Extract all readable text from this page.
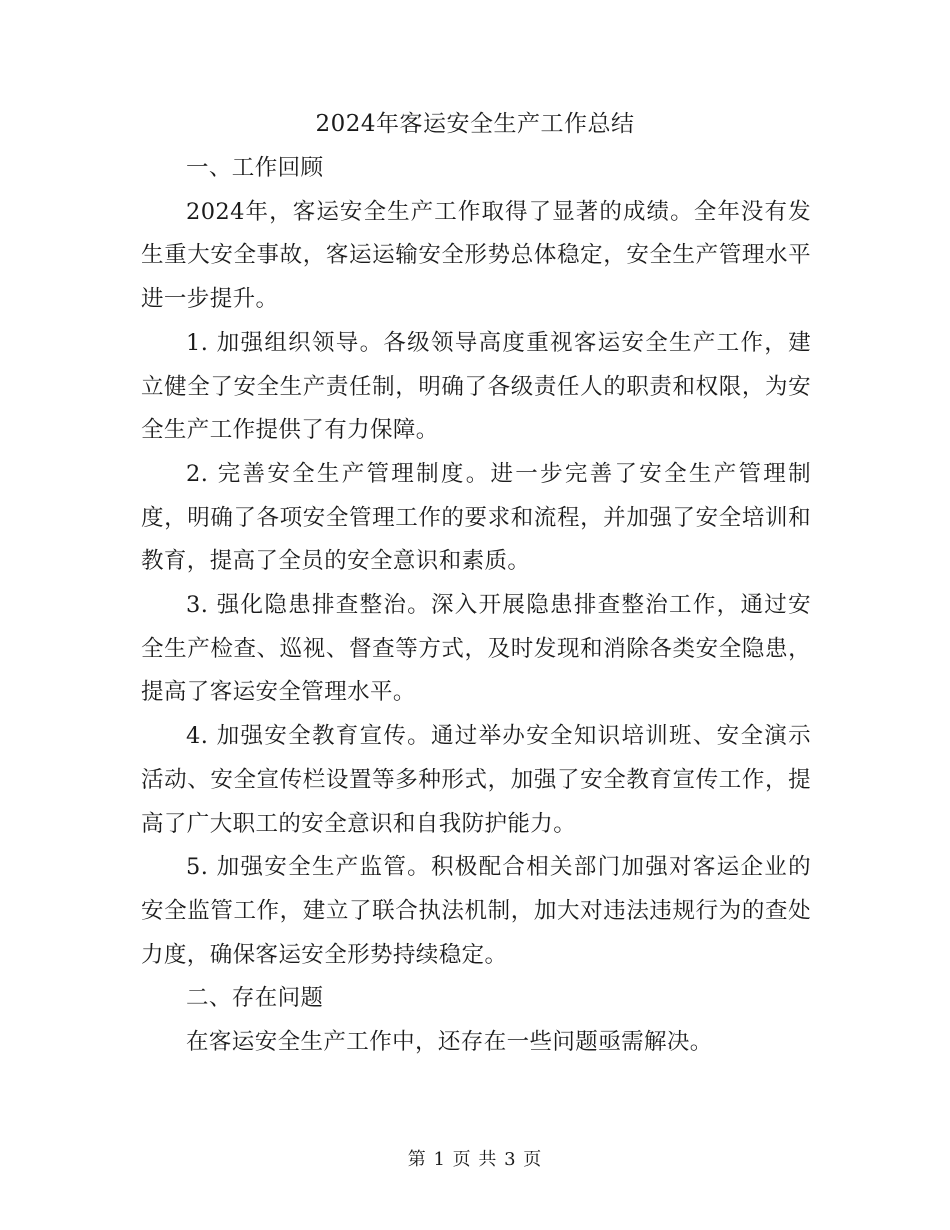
2024年客运安全生产工作总结

一、工作回顾

2024年，客运安全生产工作取得了显著的成绩。全年没有发生重大安全事故，客运运输安全形势总体稳定，安全生产管理水平进一步提升。

1. 加强组织领导。各级领导高度重视客运安全生产工作，建立健全了安全生产责任制，明确了各级责任人的职责和权限，为安全生产工作提供了有力保障。

2. 完善安全生产管理制度。进一步完善了安全生产管理制度，明确了各项安全管理工作的要求和流程，并加强了安全培训和教育，提高了全员的安全意识和素质。

3. 强化隐患排查整治。深入开展隐患排查整治工作，通过安全生产检查、巡视、督查等方式，及时发现和消除各类安全隐患，提高了客运安全管理水平。

4. 加强安全教育宣传。通过举办安全知识培训班、安全演示活动、安全宣传栏设置等多种形式，加强了安全教育宣传工作，提高了广大职工的安全意识和自我防护能力。

5. 加强安全生产监管。积极配合相关部门加强对客运企业的安全监管工作，建立了联合执法机制，加大对违法违规行为的查处力度，确保客运安全形势持续稳定。

二、存在问题

在客运安全生产工作中，还存在一些问题亟需解决。

第 1 页 共 3 页
